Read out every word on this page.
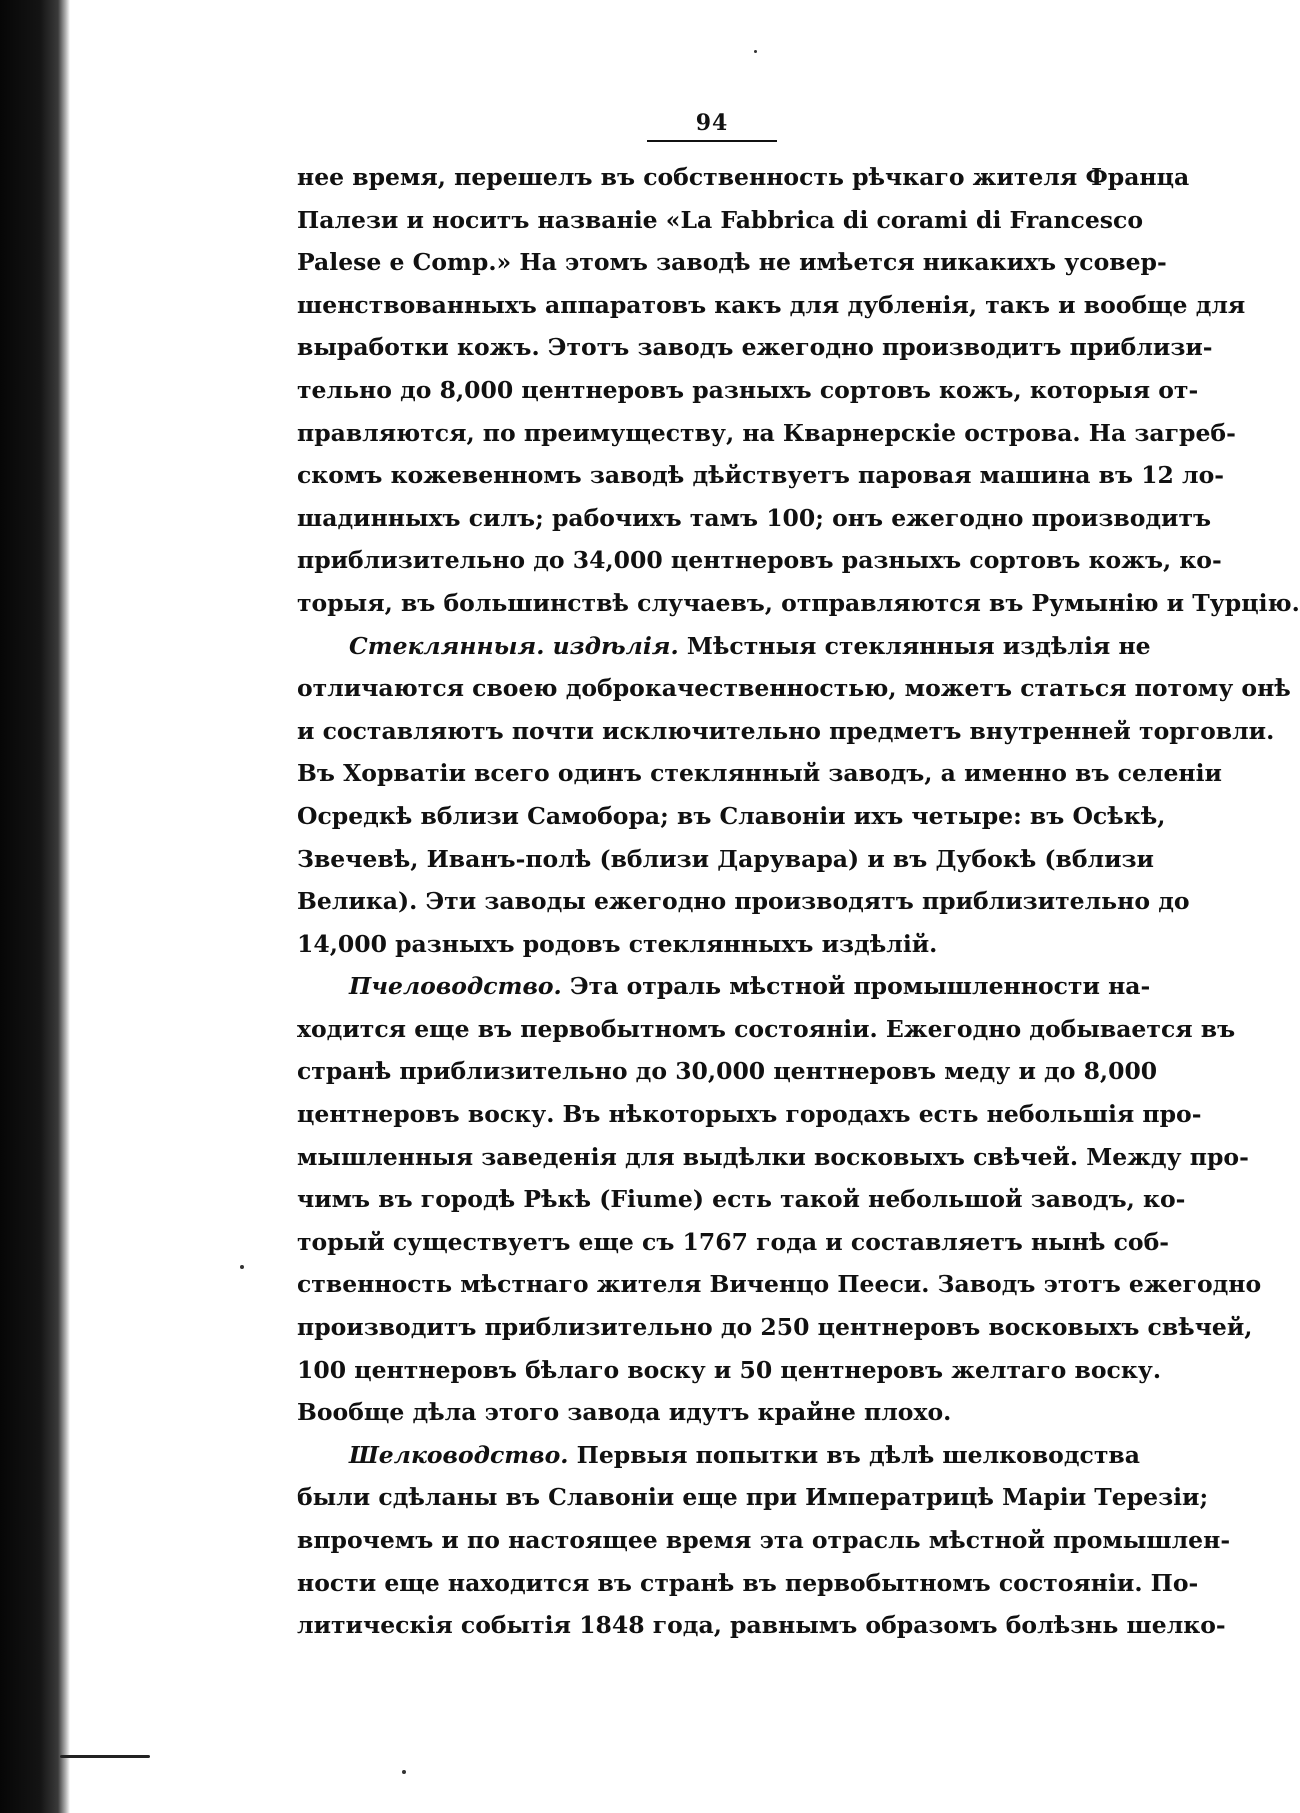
94
нее время, перешелъ въ собственность рѣчкаго жителя Франца
Палези и носитъ названіе «La Fabbrica di corami di Francesco
Palese e Comp.» На этомъ заводѣ не имѣется никакихъ усовер-
шенствованныхъ аппаратовъ какъ для дубленія, такъ и вообще для
выработки кожъ. Этотъ заводъ ежегодно производитъ приблизи-
тельно до 8,000 центнеровъ разныхъ сортовъ кожъ, которыя от-
правляются, по преимуществу, на Кварнерскіе острова. На загреб-
скомъ кожевенномъ заводѣ дѣйствуетъ паровая машина въ 12 ло-
шадинныхъ силъ; рабочихъ тамъ 100; онъ ежегодно производитъ
приблизительно до 34,000 центнеровъ разныхъ сортовъ кожъ, ко-
торыя, въ большинствѣ случаевъ, отправляются въ Румынію и Турцію.
Стеклянныя. издѣлія. Мѣстныя стеклянныя издѣлія не
отличаются своею доброкачественностью, можетъ статься потому онѣ
и составляютъ почти исключительно предметъ внутренней торговли.
Въ Хорватіи всего одинъ стеклянный заводъ, а именно въ селеніи
Осредкѣ вблизи Самобора; въ Славоніи ихъ четыре: въ Осѣкѣ,
Звечевѣ, Иванъ-полѣ (вблизи Дарувара) и въ Дубокѣ (вблизи
Велика). Эти заводы ежегодно производятъ приблизительно до
14,000 разныхъ родовъ стеклянныхъ издѣлій.
Пчеловодство. Эта отраль мѣстной промышленности на-
ходится еще въ первобытномъ состояніи. Ежегодно добывается въ
странѣ приблизительно до 30,000 центнеровъ меду и до 8,000
центнеровъ воску. Въ нѣкоторыхъ городахъ есть небольшія про-
мышленныя заведенія для выдѣлки восковыхъ свѣчей. Между про-
чимъ въ городѣ Рѣкѣ (Fiume) есть такой небольшой заводъ, ко-
торый существуетъ еще съ 1767 года и составляетъ нынѣ соб-
ственность мѣстнаго жителя Виченцо Пееси. Заводъ этотъ ежегодно
производитъ приблизительно до 250 центнеровъ восковыхъ свѣчей,
100 центнеровъ бѣлаго воску и 50 центнеровъ желтаго воску.
Вообще дѣла этого завода идутъ крайне плохо.
Шелководство. Первыя попытки въ дѣлѣ шелководства
были сдѣланы въ Славоніи еще при Императрицѣ Маріи Терезіи;
впрочемъ и по настоящее время эта отрасль мѣстной промышлен-
ности еще находится въ странѣ въ первобытномъ состояніи. По-
литическія событія 1848 года, равнымъ образомъ болѣзнь шелко-
